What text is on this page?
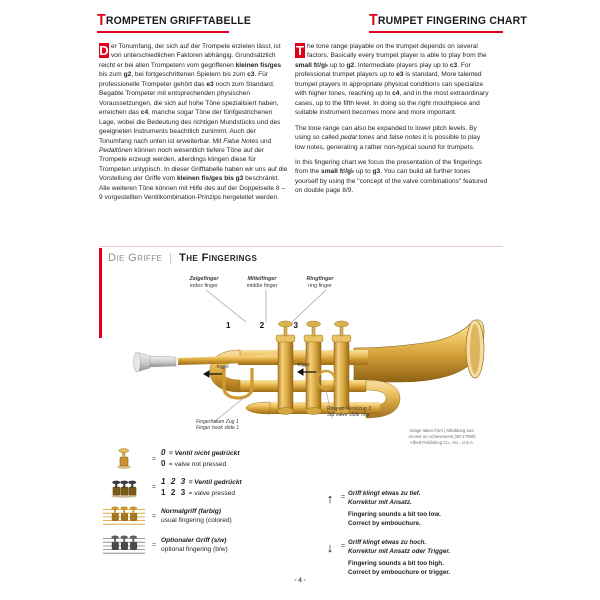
TROMPETEN GRIFFTABELLE	TRUMPET FINGERING CHART

D er Tonumfang, der sich auf der Trompete erzielen lässt, ist von unterschiedlichen Faktoren abhängig. Grundsätzlich reicht er bei allen Trompetern vom gegriffenen kleinen fis/ges bis zum g2, bei fortgeschrittenen Spielern bis zum c3. Für professionelle Trompeter gehört das e3 noch zum Standard. Begabte Trompeter mit entsprechenden physischen Voraussetzungen, die sich auf hohe Töne spezialisiert haben, erreichen das c4, manche sogar Töne der fünfgestrichenen Lage, wobei die Bedeutung des richtigen Mundstücks und des geeigneten Instruments beachtlich zunimmt. Auch der Tonumfang nach unten ist erweiterbar. Mit False Notes und Pedaltönen können noch wesentlich tiefere Töne auf der Trompete erzeugt werden, allerdings klingen diese für Trompeten untypisch. In dieser Grifftabelle haben wir uns auf die Vorstellung der Griffe vom kleinen fis/ges bis g3 beschränkt. Alle weiteren Töne können mit Hilfe des auf der Doppelseite 8 – 9 vorgestellten Ventilkombination-Prinzips hergeleitet werden.

T he tone range playable on the trumpet depends on several factors. Basically every trumpet player is able to play from the small f♯/g♭ up to g2. Intermediate players play up to c3. For professional trumpet players up to e3 is standard. More talented trumpet players in appropriate physical conditions can specialize with higher tones, reaching up to c4, and in the most extraordinary cases, up to the fifth level. In doing so the right mouthpiece and suitable instrument becomes more and more important.

The tone range can also be expanded to lower pitch levels. By using so called pedal tones and false notes it is possible to play low notes, generating a rather non-typical sound for trumpets.

In this fingering chart we focus the presentation of the fingerings from the small f♯/g♭ up to g3. You can build all further tones yourself by using the "concept of the valve combinations" featured on double page 8/9.

Die Griffe | The Fingerings
Zeigefinger
index finger
Mittelfinger
middle finger
Ringfinger
ring finger
1	2	3
Trigger	Trigger
Fingerhaken Zug 1
Finger hook slide 1
Ring an Ventilzug 3
3rd valve slide ring
Image taken from | Abbildung aus:
Accent on Achievement (00-17090)
Alfred Publishing Co., Inc., U.S.A.
=
0 = Ventil nicht gedrückt
0 = valve not pressed
=
1 2 3 = Ventil gedrückt
1 2 3 = valve pressed
=
Normalgriff (farbig)
usual fingering (colored)
=
Optionaler Griff (s/w)
optional fingering (b/w)
↑	=
Griff klingt etwas zu tief.
Korrektur mit Ansatz.
Fingering sounds a bit too low.
Correct by embouchure.
↓	=
Griff klingt etwas zu hoch.
Korrektur mit Ansatz oder Trigger.
Fingering sounds a bit too high.
Correct by embouchure or trigger.
- 4 -
